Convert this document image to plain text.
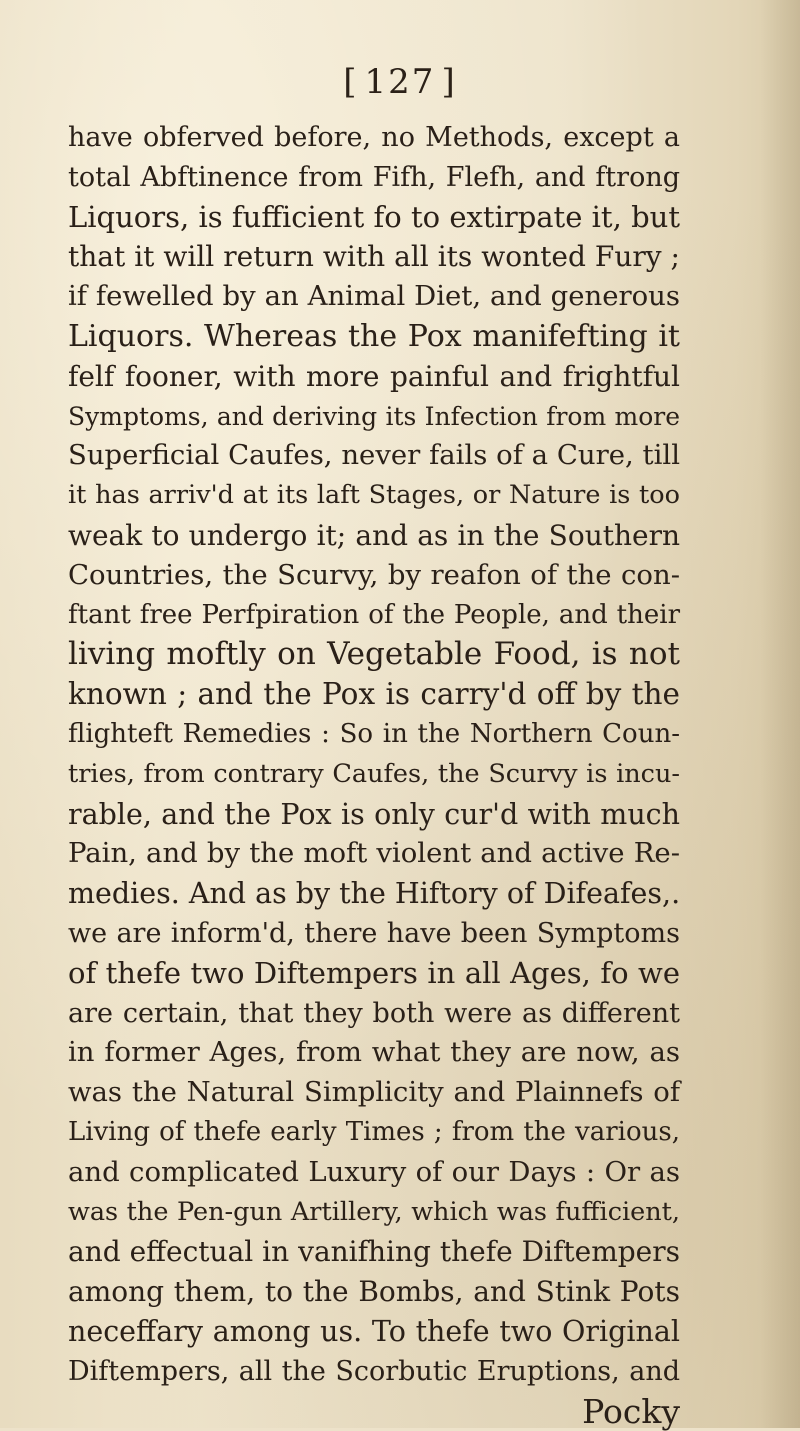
[ 127 ]
have obferved before, no Methods, except a
total Abftinence from Fifh, Flefh, and ftrong
Liquors, is fufficient fo to extirpate it, but
that it will return with all its wonted Fury ;
if fewelled by an Animal Diet, and generous
Liquors. Whereas the Pox manifefting it
felf fooner, with more painful and frightful
Symptoms, and deriving its Infection from more
Superficial Caufes, never fails of a Cure, till
it has arriv'd at its laft Stages, or Nature is too
weak to undergo it; and as in the Southern
Countries, the Scurvy, by reafon of the con-
ftant free Perfpiration of the People, and their
living moftly on Vegetable Food, is not
known ; and the Pox is carry'd off by the
flighteft Remedies : So in the Northern Coun-
tries, from contrary Caufes, the Scurvy is incu-
rable, and the Pox is only cur'd with much
Pain, and by the moft violent and active Re-
medies. And as by the Hiftory of Difeafes,.
we are inform'd, there have been Symptoms
of thefe two Diftempers in all Ages, fo we
are certain, that they both were as different
in former Ages, from what they are now, as
was the Natural Simplicity and Plainnefs of
Living of thefe early Times ; from the various,
and complicated Luxury of our Days : Or as
was the Pen-gun Artillery, which was fufficient,
and effectual in vanifhing thefe Diftempers
among them, to the Bombs, and Stink Pots
neceffary among us. To thefe two Original
Diftempers, all the Scorbutic Eruptions, and
Pocky
